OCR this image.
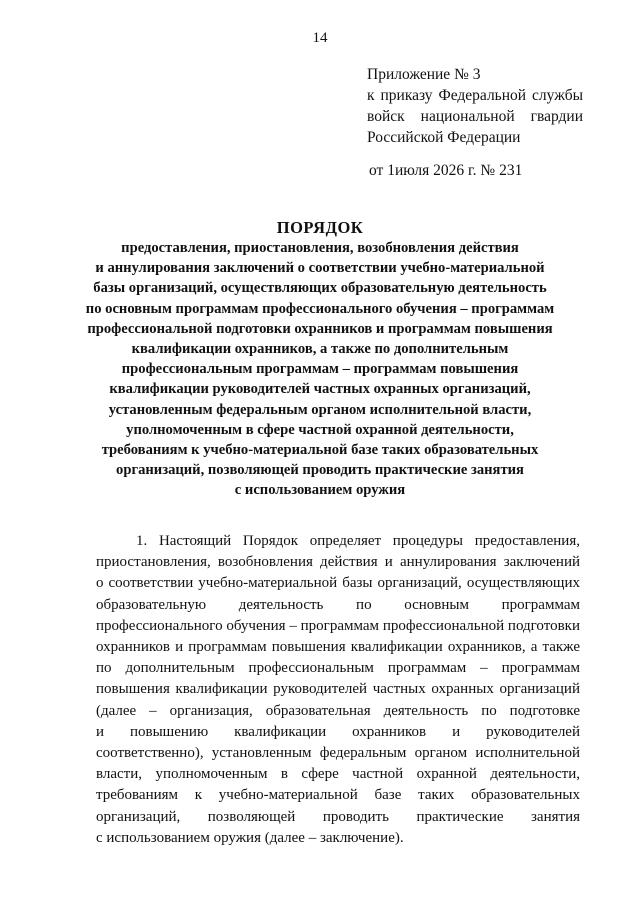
14
Приложение № 3
к приказу Федеральной службы
войск национальной гвардии
Российской Федерации
от 1июля 2026 г. № 231
ПОРЯДОК
предоставления, приостановления, возобновления действия
и аннулирования заключений о соответствии учебно-материальной
базы организаций, осуществляющих образовательную деятельность
по основным программам профессионального обучения – программам
профессиональной подготовки охранников и программам повышения
квалификации охранников, а также по дополнительным
профессиональным программам – программам повышения
квалификации руководителей частных охранных организаций,
установленным федеральным органом исполнительной власти,
уполномоченным в сфере частной охранной деятельности,
требованиям к учебно-материальной базе таких образовательных
организаций, позволяющей проводить практические занятия
с использованием оружия
1. Настоящий Порядок определяет процедуры предоставления,
приостановления, возобновления действия и аннулирования заключений
о соответствии учебно-материальной базы организаций, осуществляющих
образовательную деятельность по основным программам
профессионального обучения – программам профессиональной подготовки
охранников и программам повышения квалификации охранников, а также
по дополнительным профессиональным программам – программам
повышения квалификации руководителей частных охранных организаций
(далее – организация, образовательная деятельность по подготовке
и повышению квалификации охранников и руководителей
соответственно), установленным федеральным органом исполнительной
власти, уполномоченным в сфере частной охранной деятельности,
требованиям к учебно-материальной базе таких образовательных
организаций, позволяющей проводить практические занятия
с использованием оружия (далее – заключение).
